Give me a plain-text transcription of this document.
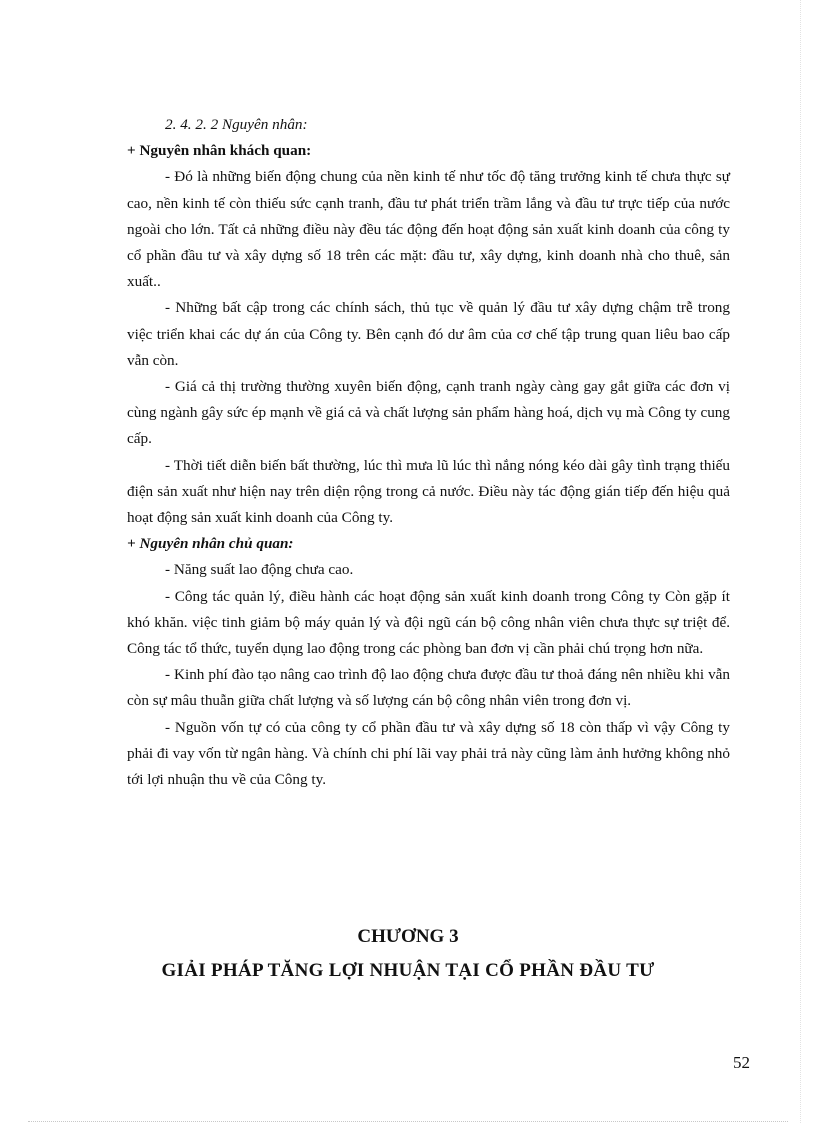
2. 4. 2. 2 Nguyên nhân:

+ Nguyên nhân khách quan:

- Đó là những biến động chung của nền kinh tế như tốc độ tăng trưởng kinh tế chưa thực sự cao, nền kinh tế còn thiếu sức cạnh tranh, đầu tư phát triển trầm lắng và đầu tư trực tiếp của nước ngoài cho lớn. Tất cả những điều này đều tác động đến hoạt động sản xuất kinh doanh của công ty cổ phần đầu tư và xây dựng số 18 trên các mặt: đầu tư, xây dựng, kinh doanh nhà cho thuê, sản xuất..

- Những bất cập trong các chính sách, thủ tục về quản lý đầu tư xây dựng chậm trễ trong việc triển khai các dự án của Công ty. Bên cạnh đó dư âm của cơ chế tập trung quan liêu bao cấp vẫn còn.

- Giá cả thị trường thường xuyên biến động, cạnh tranh ngày càng gay gắt giữa các đơn vị cùng ngành gây sức ép mạnh về giá cả và chất lượng sản phẩm hàng hoá, dịch vụ mà Công ty cung cấp.

- Thời tiết diễn biến bất thường, lúc thì mưa lũ lúc thì nắng nóng kéo dài gây tình trạng thiếu điện sản xuất như hiện nay trên diện rộng trong cả nước. Điều này tác động gián tiếp đến hiệu quả hoạt động sản xuất kinh doanh của Công ty.

+ Nguyên nhân chủ quan:

- Năng suất lao động chưa cao.

- Công tác quản lý, điều hành các hoạt động sản xuất kinh doanh trong Công ty Còn gặp ít khó khăn. việc tinh giảm bộ máy quản lý và đội ngũ cán bộ công nhân viên chưa thực sự triệt để. Công tác tổ thức, tuyển dụng lao động trong các phòng ban đơn vị cần phải chú trọng hơn nữa.

- Kinh phí đào tạo nâng cao trình độ lao động chưa được đầu tư thoả đáng nên nhiều khi vẫn còn sự mâu thuẫn giữa chất lượng và số lượng cán bộ công nhân viên trong đơn vị.

- Nguồn vốn tự có của công ty cổ phần đầu tư và xây dựng số 18 còn thấp vì vậy Công ty phải đi vay vốn từ ngân hàng. Và chính chi phí lãi vay phải trả này cũng làm ảnh hưởng không nhỏ tới lợi nhuận thu về của Công ty.

CHƯƠNG 3
GIẢI PHÁP TĂNG LỢI NHUẬN TẠI CỔ PHẦN ĐẦU TƯ
52
